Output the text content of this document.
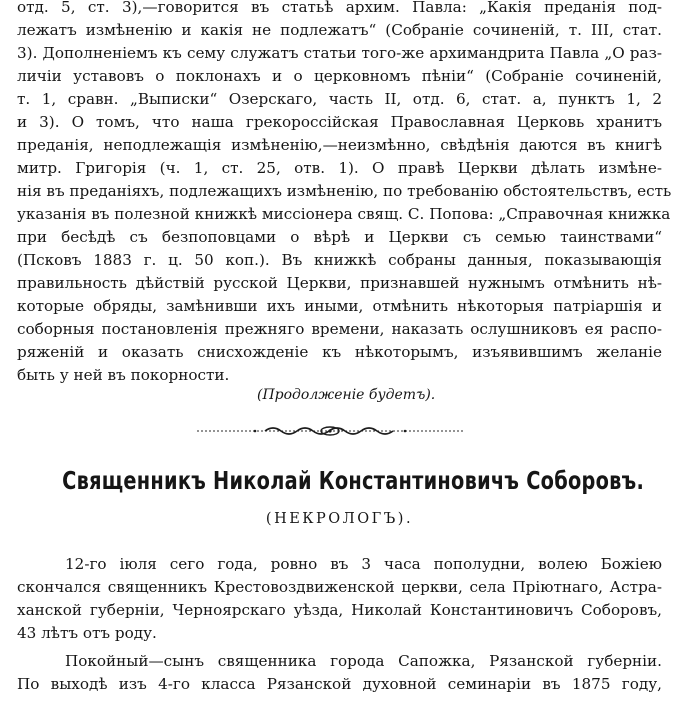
отд. 5, ст. 3),—говорится въ статьѣ архим. Павла: „Какія преданія под-
лежатъ измѣненію и какія не подлежатъ“ (Собраніе сочиненій, т. III, стат.
3). Дополненіемъ къ сему служатъ статьи того-же архимандрита Павла „О раз-
личіи уставовъ о поклонахъ и о церковномъ пѣніи“ (Собраніе сочиненій,
т. 1, сравн. „Выписки“ Озерскаго, часть II, отд. 6, стат. а, пунктъ 1, 2
и 3). О томъ, что наша грекороссійская Православная Церковь хранитъ
преданія, неподлежащія измѣненію,—неизмѣнно, свѣдѣнія даются въ книгѣ
митр. Григорія (ч. 1, ст. 25, отв. 1). О правѣ Церкви дѣлать измѣне-
нія въ преданіяхъ, подлежащихъ измѣненію, по требованію обстоятельствъ, есть
указанія въ полезной книжкѣ миссіонера свящ. С. Попова: „Справочная книжка
при бесѣдѣ съ безпоповцами о вѣрѣ и Церкви съ семью таинствами“
(Псковъ 1883 г. ц. 50 коп.). Въ книжкѣ собраны данныя, показывающія
правильность дѣйствій русской Церкви, признавшей нужнымъ отмѣнить нѣ-
которые обряды, замѣнивши ихъ иными, отмѣнить нѣкоторыя патріаршія и
соборныя постановленія прежняго времени, наказать ослушниковъ ея распо-
ряженій и оказать снисхожденіе къ нѣкоторымъ, изъявившимъ желаніе
быть у ней въ покорности.
(Продолженіе будетъ).
Священникъ Николай Константиновичъ Соборовъ.
(НЕКРОЛОГЪ).
12-го іюля сего года, ровно въ 3 часа пополудни, волею Божіею
скончался священникъ Крестовоздвиженской церкви, села Пріютнаго, Астра-
ханской губерніи, Черноярскаго уѣзда, Николай Константиновичъ Соборовъ,
43 лѣтъ отъ роду.
Покойный—сынъ священника города Сапожка, Рязанской губерніи.
По выходѣ изъ 4-го класса Рязанской духовной семинаріи въ 1875 году,
